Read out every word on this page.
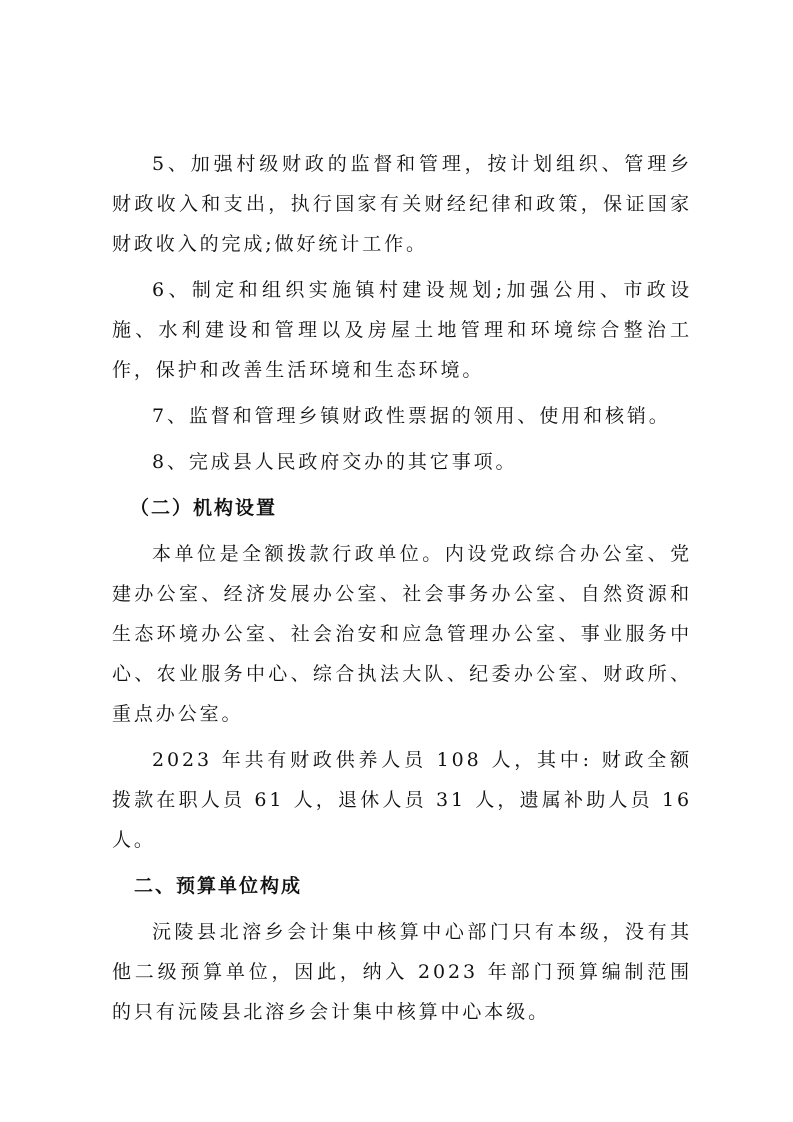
5、加强村级财政的监督和管理，按计划组织、管理乡财政收入和支出，执行国家有关财经纪律和政策，保证国家财政收入的完成;做好统计工作。

6、制定和组织实施镇村建设规划;加强公用、市政设施、水利建设和管理以及房屋土地管理和环境综合整治工作，保护和改善生活环境和生态环境。

7、监督和管理乡镇财政性票据的领用、使用和核销。

8、完成县人民政府交办的其它事项。

（二）机构设置

本单位是全额拨款行政单位。内设党政综合办公室、党建办公室、经济发展办公室、社会事务办公室、自然资源和生态环境办公室、社会治安和应急管理办公室、事业服务中心、农业服务中心、综合执法大队、纪委办公室、财政所、重点办公室。

2023 年共有财政供养人员 108 人，其中: 财政全额拨款在职人员 61 人，退休人员 31 人，遗属补助人员 16 人。

二、预算单位构成

沅陵县北溶乡会计集中核算中心部门只有本级，没有其他二级预算单位，因此，纳入 2023 年部门预算编制范围的只有沅陵县北溶乡会计集中核算中心本级。
